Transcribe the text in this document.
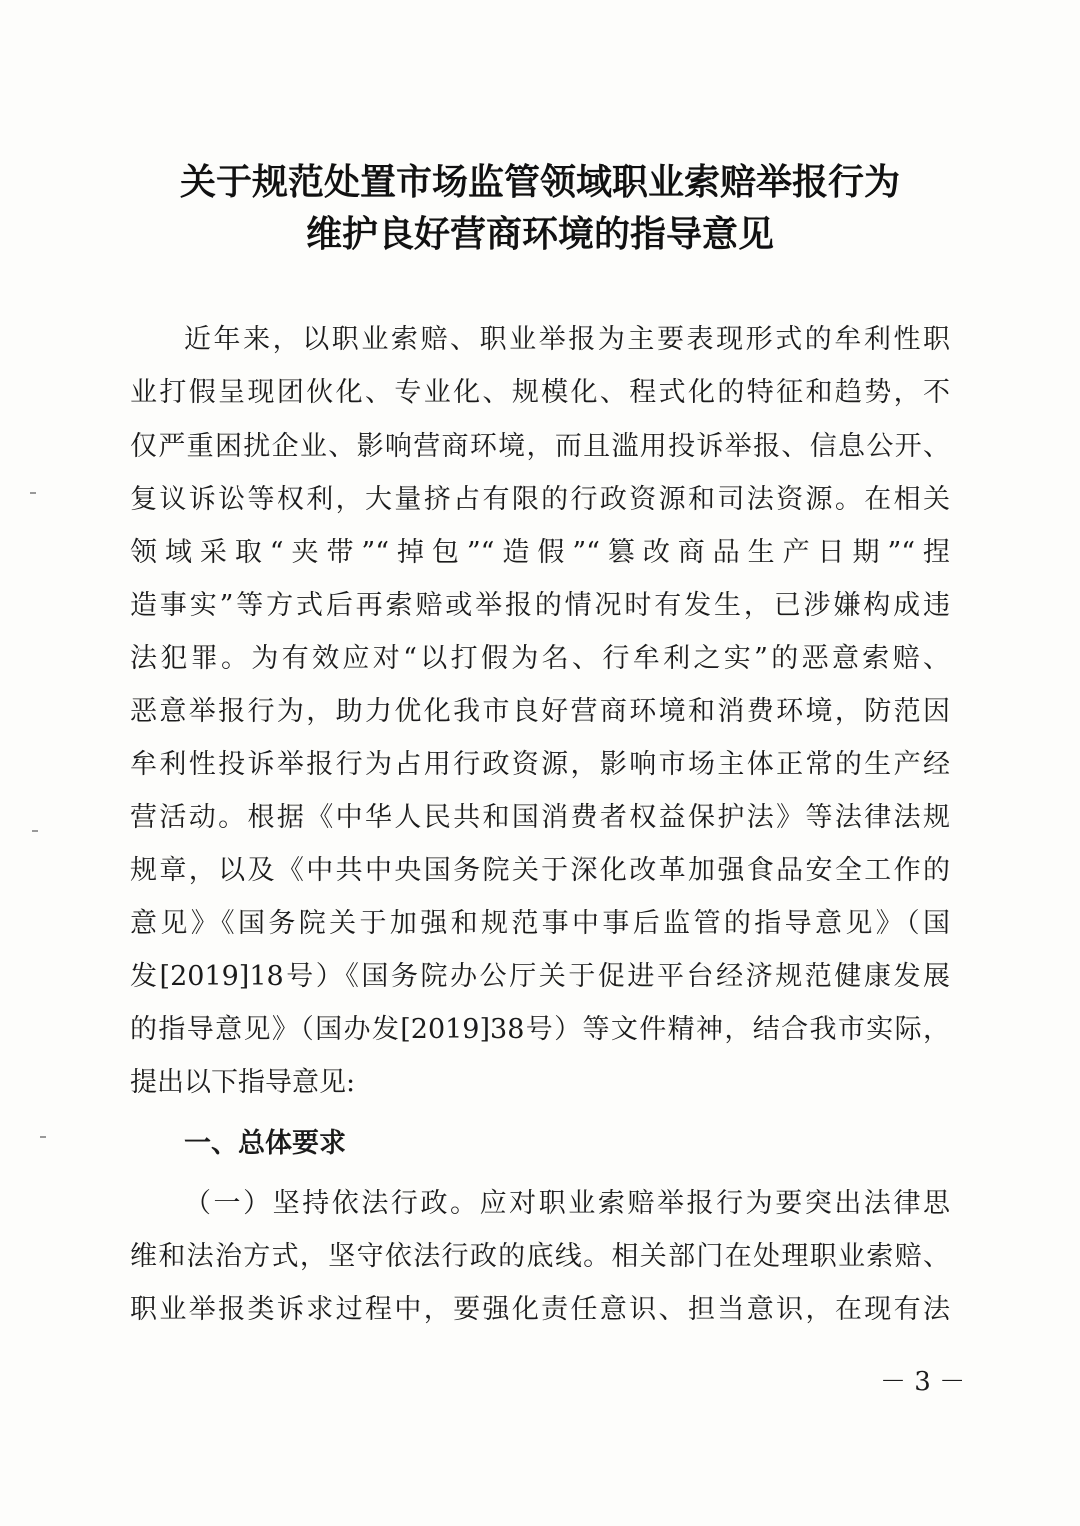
关于规范处置市场监管领域职业索赔举报行为
维护良好营商环境的指导意见
近年来，以职业索赔、职业举报为主要表现形式的牟利性职
业打假呈现团伙化、专业化、规模化、程式化的特征和趋势，不
仅严重困扰企业、影响营商环境，而且滥用投诉举报、信息公开、
复议诉讼等权利，大量挤占有限的行政资源和司法资源。在相关
领域采取“夹带”“掉包”“造假”“篡改商品生产日期”“捏
造事实”等方式后再索赔或举报的情况时有发生，已涉嫌构成违
法犯罪。为有效应对“以打假为名、行牟利之实”的恶意索赔、
恶意举报行为，助力优化我市良好营商环境和消费环境，防范因
牟利性投诉举报行为占用行政资源，影响市场主体正常的生产经
营活动。根据《中华人民共和国消费者权益保护法》等法律法规
规章，以及《中共中央国务院关于深化改革加强食品安全工作的
意见》《国务院关于加强和规范事中事后监管的指导意见》（国
发[2019]18号）《国务院办公厅关于促进平台经济规范健康发展
的指导意见》（国办发[2019]38号）等文件精神，结合我市实际，
提出以下指导意见:
一、总体要求
（一）坚持依法行政。应对职业索赔举报行为要突出法律思
维和法治方式，坚守依法行政的底线。相关部门在处理职业索赔、
职业举报类诉求过程中，要强化责任意识、担当意识，在现有法
－ 3 －
